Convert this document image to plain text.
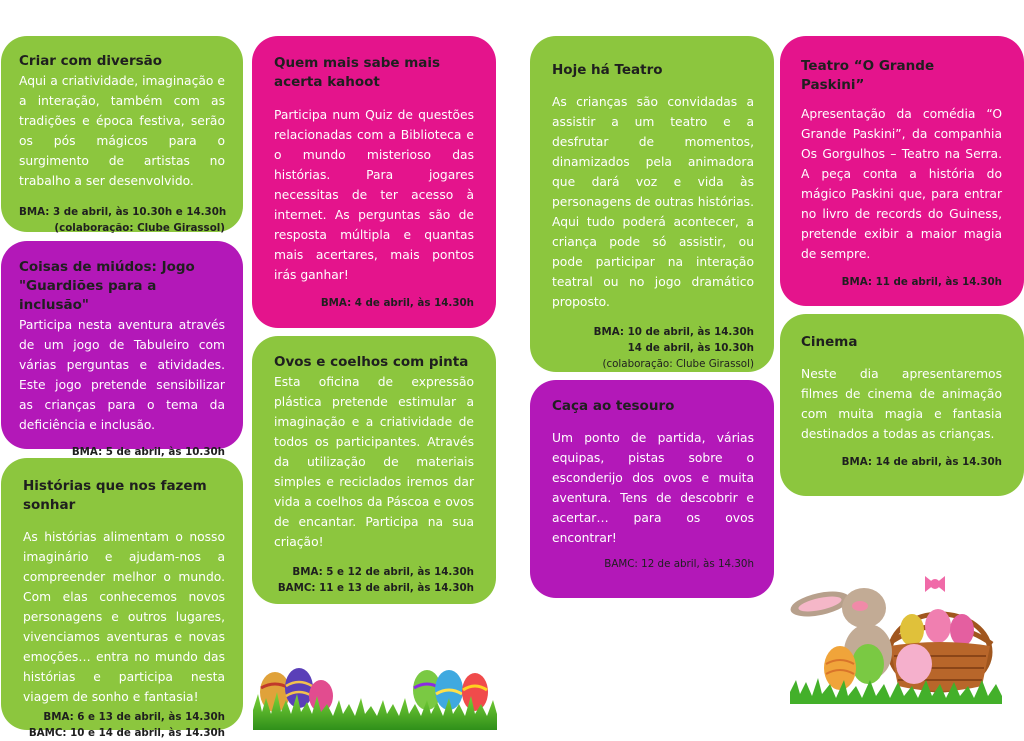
Criar com diversão

Aqui a criatividade, imaginação e a interação, também com as tradições e época festiva, serão os pós mágicos para o surgimento de artistas no trabalho a ser desenvolvido.

BMA: 3 de abril, às 10.30h e 14.30h
(colaboração: Clube Girassol)
Coisas de miúdos: Jogo "Guardiões para a inclusão"

Participa nesta aventura através de um jogo de Tabuleiro com várias perguntas e atividades. Este jogo pretende sensibilizar as crianças para o tema da deficiência e inclusão.

BMA: 5 de abril, às 10.30h
Histórias que nos fazem sonhar

As histórias alimentam o nosso imaginário e ajudam-nos a compreender melhor o mundo. Com elas conhecemos novos personagens e outros lugares, vivenciamos aventuras e novas emoções… entra no mundo das histórias e participa nesta viagem de sonho e fantasia!

BMA: 6 e 13 de abril, às 14.30h
BAMC: 10 e 14 de abril, às 14.30h
Quem mais sabe mais acerta kahoot

Participa num Quiz de questões relacionadas com a Biblioteca e o mundo misterioso das histórias. Para jogares necessitas de ter acesso à internet. As perguntas são de resposta múltipla e quantas mais acertares, mais pontos irás ganhar!

BMA: 4 de abril, às 14.30h
Ovos e coelhos com pinta

Esta oficina de expressão plástica pretende estimular a imaginação e a criatividade de todos os participantes. Através da utilização de materiais simples e reciclados iremos dar vida a coelhos da Páscoa e ovos de encantar. Participa na sua criação!

BMA: 5 e 12 de abril, às 14.30h
BAMC: 11 e 13 de abril, às 14.30h
Hoje há Teatro

As crianças são convidadas a assistir a um teatro e a desfrutar de momentos, dinamizados pela animadora que dará voz e vida às personagens de outras histórias. Aqui tudo poderá acontecer, a criança pode só assistir, ou pode participar na interação teatral ou no jogo dramático proposto.

BMA: 10 de abril, às 14.30h
14 de abril, às 10.30h
(colaboração: Clube Girassol)
Caça ao tesouro

Um ponto de partida, várias equipas, pistas sobre o esconderijo dos ovos e muita aventura. Tens de descobrir e acertar… para os ovos encontrar!

BAMC: 12 de abril, às 14.30h
Teatro “O Grande Paskini”

Apresentação da comédia “O Grande Paskini”, da companhia Os Gorgulhos – Teatro na Serra. A peça conta a história do mágico Paskini que, para entrar no livro de records do Guiness, pretende exibir a maior magia de sempre.

BMA: 11 de abril, às 14.30h
Cinema

Neste dia apresentaremos filmes de cinema de animação com muita magia e fantasia destinados a todas as crianças.

BMA: 14 de abril, às 14.30h
